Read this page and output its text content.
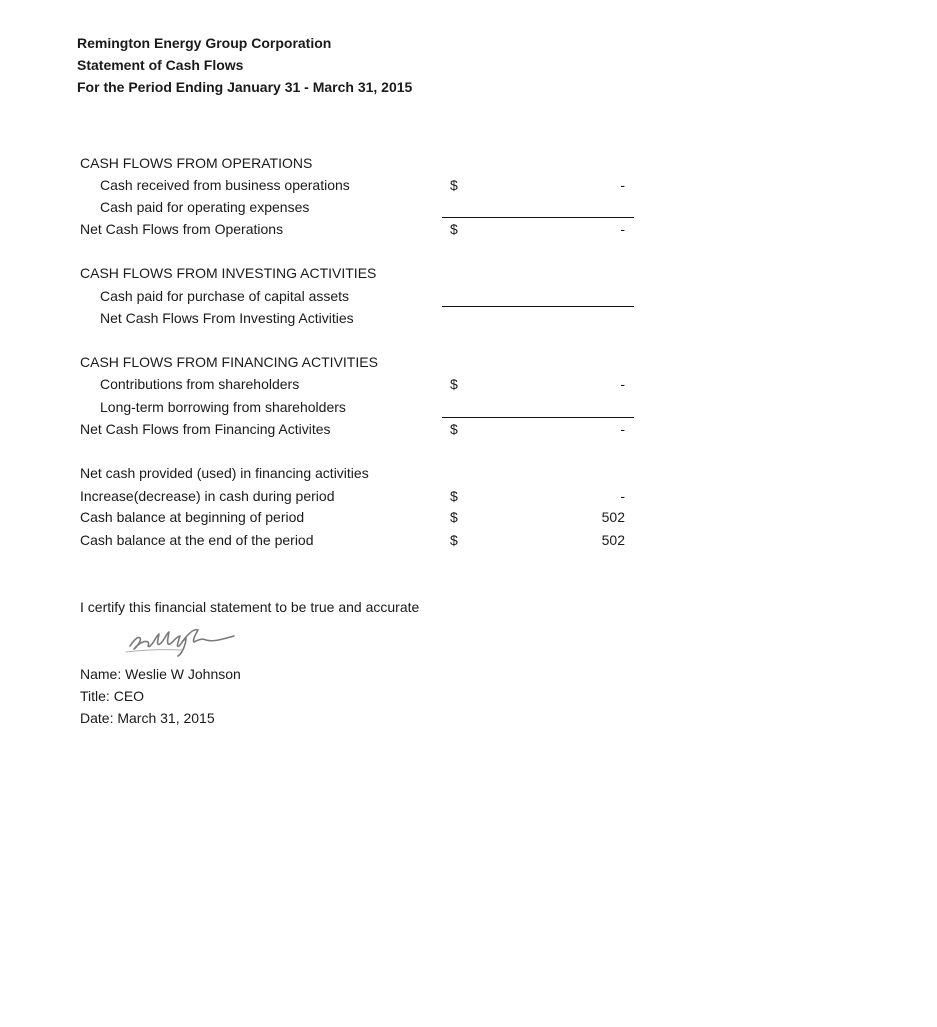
Remington Energy Group Corporation
Statement of Cash Flows
For the Period Ending January 31 - March 31, 2015
CASH FLOWS FROM OPERATIONS
Cash received from business operations	$	-
Cash paid for operating expenses
Net Cash Flows from Operations	$	-
CASH FLOWS FROM INVESTING ACTIVITIES
Cash paid for purchase of capital assets
Net Cash Flows From Investing Activities
CASH FLOWS FROM FINANCING ACTIVITIES
Contributions from shareholders	$	-
Long-term borrowing from shareholders
Net Cash Flows from Financing Activites	$	-
Net cash provided (used) in financing activities
Increase(decrease) in cash during period	$	-
Cash balance at beginning of period	$	502
Cash balance at the end of the period	$	502
I certify this financial statement to be true and accurate
Name: Weslie W Johnson
Title: CEO
Date: March 31, 2015
